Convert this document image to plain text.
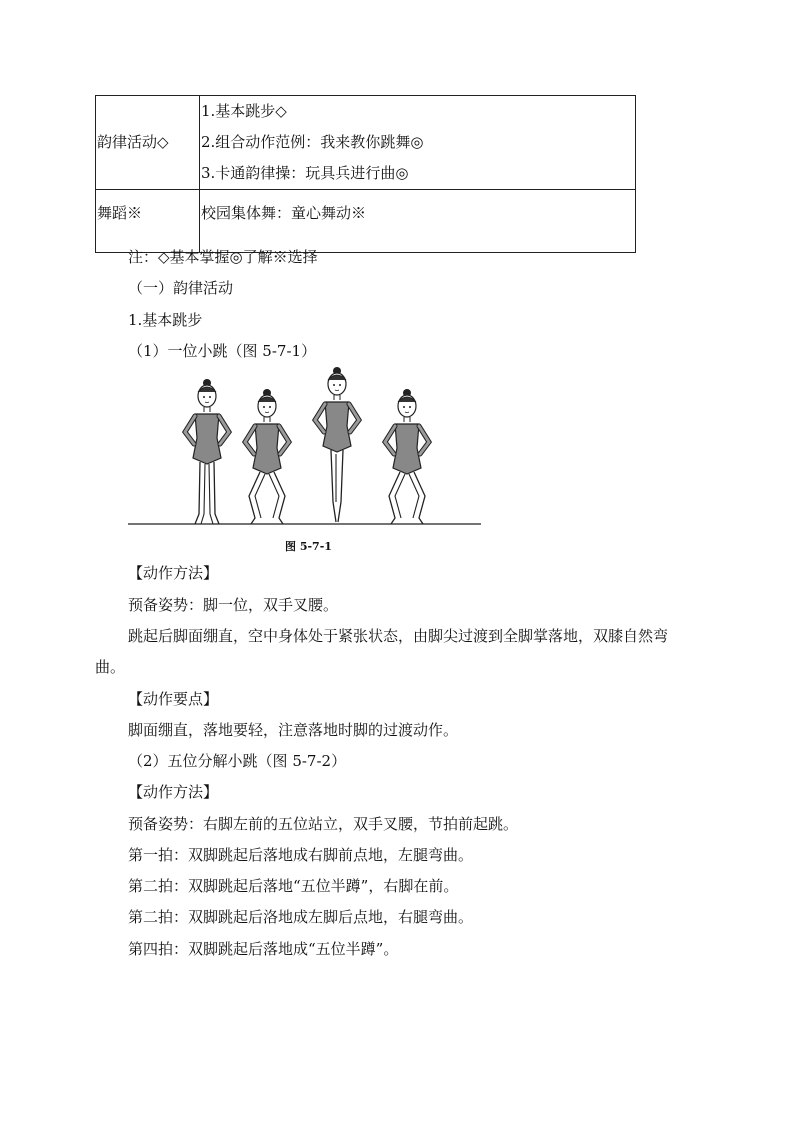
韵律活动◇	1.基本跳步◇
2.组合动作范例：我来教你跳舞◎
3.卡通韵律操：玩具兵进行曲◎

舞蹈※	校园集体舞：童心舞动※
注：◇基本掌握◎了解※选择
（一）韵律活动
1.基本跳步
（1）一位小跳（图 5-7-1）
图 5-7-1
【动作方法】
预备姿势：脚一位，双手叉腰。
跳起后脚面绷直，空中身体处于紧张状态，由脚尖过渡到全脚掌落地，双膝自然弯
曲。
【动作要点】
脚面绷直，落地要轻，注意落地时脚的过渡动作。
（2）五位分解小跳（图 5-7-2）
【动作方法】
预备姿势：右脚左前的五位站立，双手叉腰，节拍前起跳。
第一拍：双脚跳起后落地成右脚前点地，左腿弯曲。
第二拍：双脚跳起后落地“五位半蹲”，右脚在前。
第二拍：双脚跳起后洛地成左脚后点地，右腿弯曲。
第四拍：双脚跳起后落地成“五位半蹲”。
